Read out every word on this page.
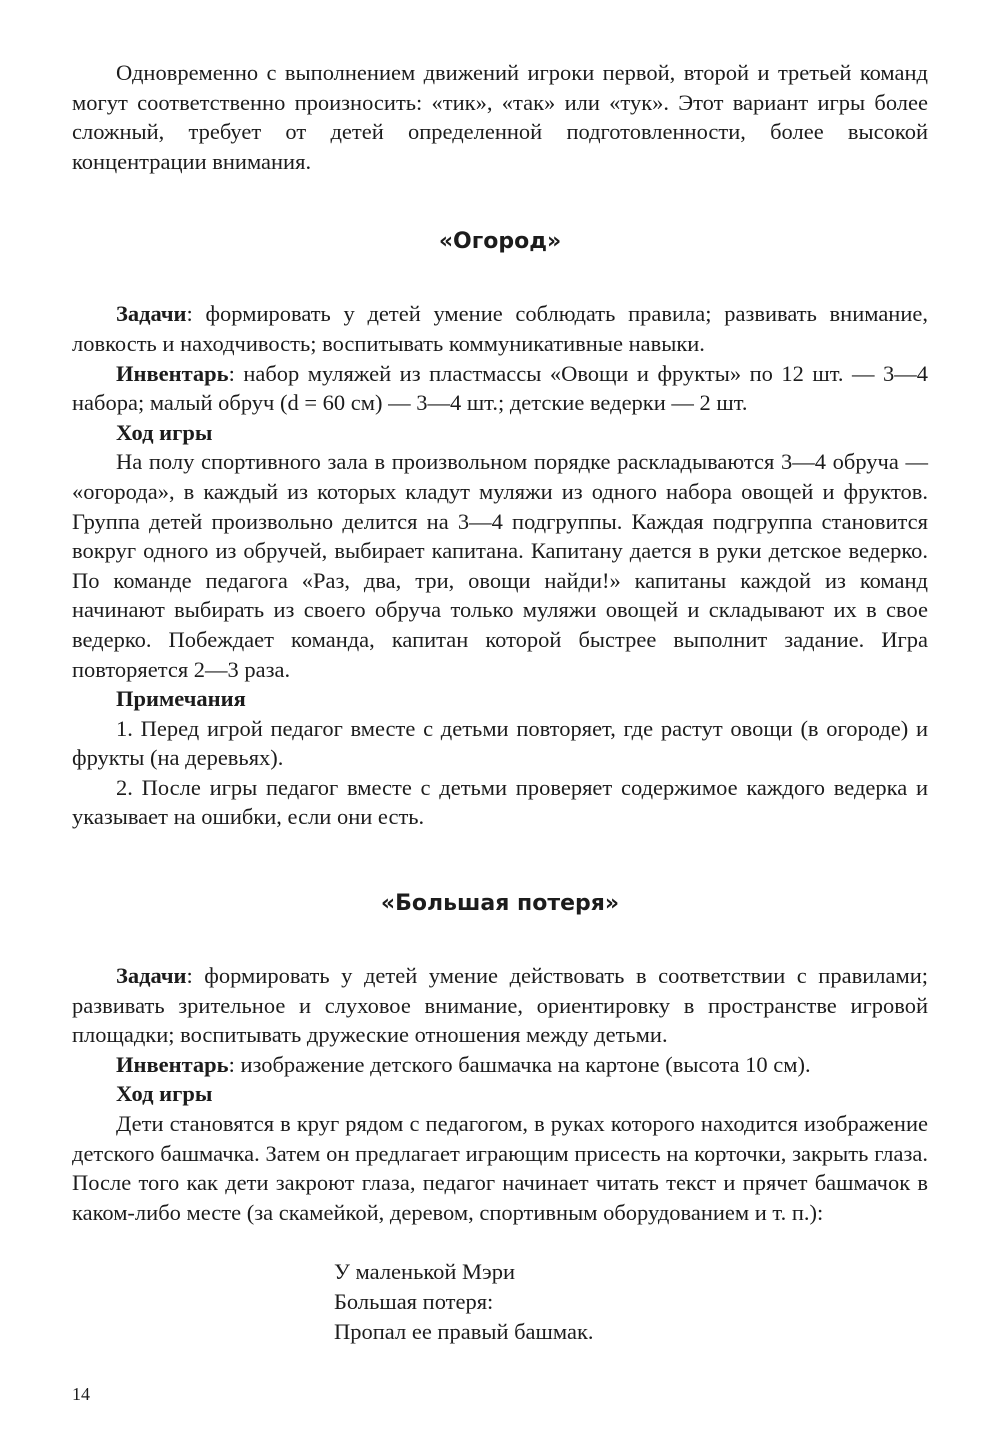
Одновременно с выполнением движений игроки первой, второй и третьей команд могут соответственно произносить: «тик», «так» или «тук». Этот вариант игры более сложный, требует от детей определенной подготовленности, более высокой концентрации внимания.

«Огород»

Задачи: формировать у детей умение соблюдать правила; развивать внимание, ловкость и находчивость; воспитывать коммуникативные навыки.

Инвентарь: набор муляжей из пластмассы «Овощи и фрукты» по 12 шт. — 3—4 набора; малый обруч (d = 60 см) — 3—4 шт.; детские ведерки — 2 шт.

Ход игры

На полу спортивного зала в произвольном порядке раскладываются 3—4 обруча — «огорода», в каждый из которых кладут муляжи из одного набора овощей и фруктов. Группа детей произвольно делится на 3—4 подгруппы. Каждая подгруппа становится вокруг одного из обручей, выбирает капитана. Капитану дается в руки детское ведерко. По команде педагога «Раз, два, три, овощи найди!» капитаны каждой из команд начинают выбирать из своего обруча только муляжи овощей и складывают их в свое ведерко. Побеждает команда, капитан которой быстрее выполнит задание. Игра повторяется 2—3 раза.

Примечания

1. Перед игрой педагог вместе с детьми повторяет, где растут овощи (в огороде) и фрукты (на деревьях).

2. После игры педагог вместе с детьми проверяет содержимое каждого ведерка и указывает на ошибки, если они есть.

«Большая потеря»

Задачи: формировать у детей умение действовать в соответствии с правилами; развивать зрительное и слуховое внимание, ориентировку в пространстве игровой площадки; воспитывать дружеские отношения между детьми.

Инвентарь: изображение детского башмачка на картоне (высота 10 см).

Ход игры

Дети становятся в круг рядом с педагогом, в руках которого находится изображение детского башмачка. Затем он предлагает играющим присесть на корточки, закрыть глаза. После того как дети закроют глаза, педагог начинает читать текст и прячет башмачок в каком-либо месте (за скамейкой, деревом, спортивным оборудованием и т. п.):

У маленькой Мэри
Большая потеря:
Пропал ее правый башмак.
14
